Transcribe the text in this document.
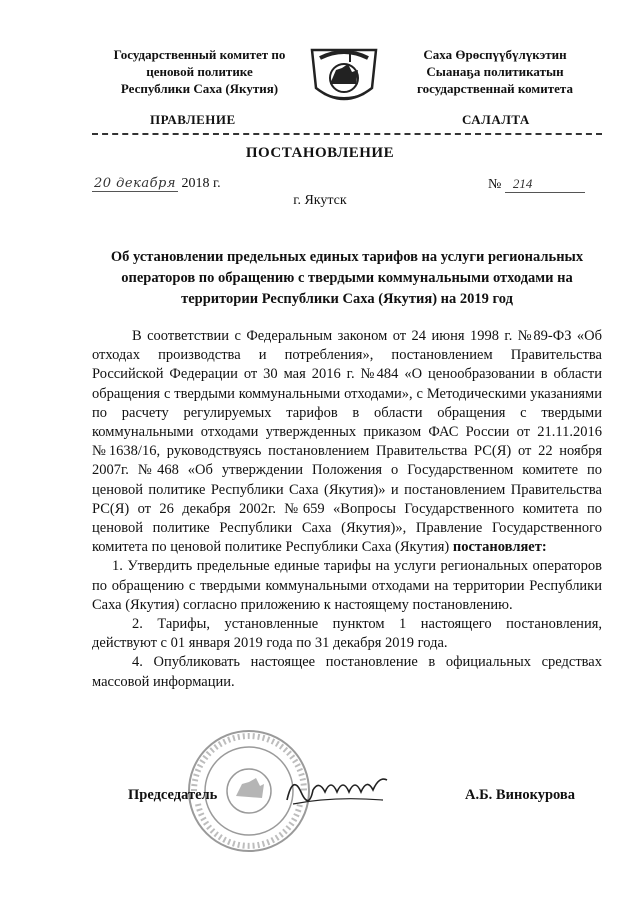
Государственный комитет по
ценовой политике
Республики Саха (Якутия)
Саха Өрөспүүбүлүкэтин
Сыанаҕа политикатын
государственнай комитета
ПРАВЛЕНИЕ	САЛАЛТА
ПОСТАНОВЛЕНИЕ
20 декабря 2018 г.	№ 214
г. Якутск
Об установлении предельных единых тарифов на услуги региональных операторов по обращению с твердыми коммунальными отходами на территории Республики Саха (Якутия) на 2019 год

В соответствии с Федеральным законом от 24 июня 1998 г. №89-ФЗ «Об отходах производства и потребления», постановлением Правительства Российской Федерации от 30 мая 2016 г. №484 «О ценообразовании в области обращения с твердыми коммунальными отходами», с Методическими указаниями по расчету регулируемых тарифов в области обращения с твердыми коммунальными отходами утвержденных приказом ФАС России от 21.11.2016 №1638/16, руководствуясь постановлением Правительства РС(Я) от 22 ноября 2007г. №468 «Об утверждении Положения о Государственном комитете по ценовой политике Республики Саха (Якутия)» и постановлением Правительства РС(Я) от 26 декабря 2002г. №659 «Вопросы Государственного комитета по ценовой политике Республики Саха (Якутия)», Правление Государственного комитета по ценовой политике Республики Саха (Якутия) постановляет:

1. Утвердить предельные единые тарифы на услуги региональных операторов по обращению с твердыми коммунальными отходами на территории Республики Саха (Якутия) согласно приложению к настоящему постановлению.

2. Тарифы, установленные пунктом 1 настоящего постановления, действуют с 01 января 2019 года по 31 декабря 2019 года.

4. Опубликовать настоящее постановление в официальных средствах массовой информации.

Председатель	А.Б. Винокурова
